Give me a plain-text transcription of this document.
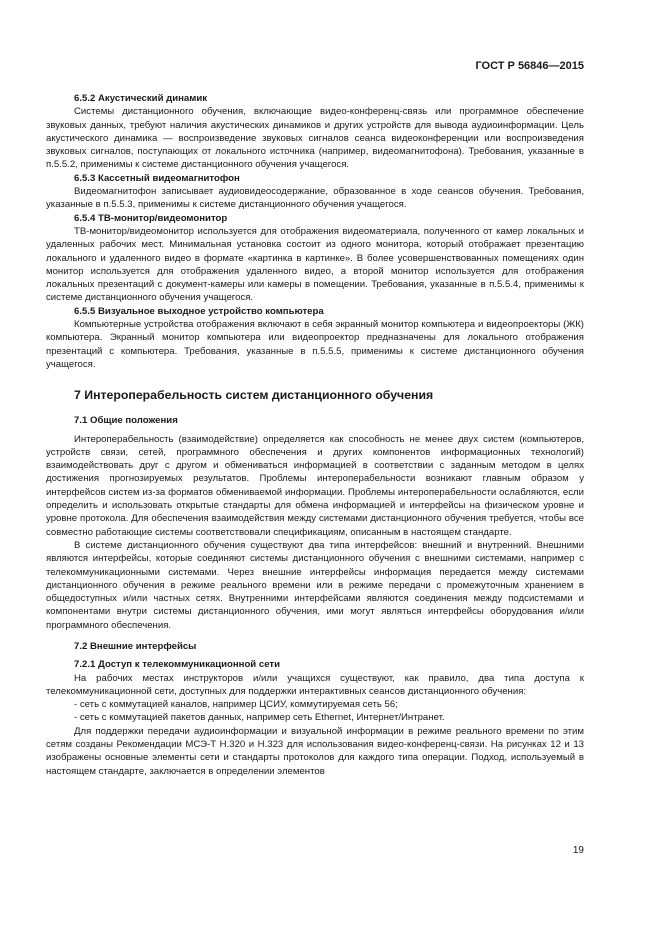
ГОСТ Р 56846—2015
6.5.2 Акустический динамик

Системы дистанционного обучения, включающие видео-конференц-связь или программное обеспечение звуковых данных, требуют наличия акустических динамиков и других устройств для вывода аудиоинформации. Цель акустического динамика — воспроизведение звуковых сигналов сеанса видеоконференции или воспроизведения звуковых сигналов, поступающих от локального источника (например, видеомагнитофона). Требования, указанные в п.5.5.2, применимы к системе дистанционного обучения учащегося.

6.5.3 Кассетный видеомагнитофон

Видеомагнитофон записывает аудиовидеосодержание, образованное в ходе сеансов обучения. Требования, указанные в п.5.5.3, применимы к системе дистанционного обучения учащегося.

6.5.4 ТВ-монитор/видеомонитор

ТВ-монитор/видеомонитор используется для отображения видеоматериала, полученного от камер локальных и удаленных рабочих мест. Минимальная установка состоит из одного монитора, который отображает презентацию локального и удаленного видео в формате «картинка в картинке». В более усовершенствованных помещениях один монитор используется для отображения удаленного видео, а второй монитор используется для отображения локальных презентаций с документ-камеры или камеры в помещении. Требования, указанные в п.5.5.4, применимы к системе дистанционного обучения учащегося.

6.5.5 Визуальное выходное устройство компьютера

Компьютерные устройства отображения включают в себя экранный монитор компьютера и видеопроекторы (ЖК) компьютера. Экранный монитор компьютера или видеопроектор предназначены для локального отображения презентаций с компьютера. Требования, указанные в п.5.5.5, применимы к системе дистанционного обучения учащегося.

7 Интероперабельность систем дистанционного обучения
7.1 Общие положения

Интероперабельность (взаимодействие) определяется как способность не менее двух систем (компьютеров, устройств связи, сетей, программного обеспечения и других компонентов информационных технологий) взаимодействовать друг с другом и обмениваться информацией в соответствии с заданным методом в целях достижения прогнозируемых результатов. Проблемы интероперабельности возникают главным образом у интерфейсов систем из-за форматов обмениваемой информации. Проблемы интероперабельности ослабляются, если определить и использовать открытые стандарты для обмена информацией и интерфейсы на физическом уровне и уровне протокола. Для обеспечения взаимодействия между системами дистанционного обучения требуется, чтобы все совместно работающие системы соответствовали спецификациям, описанным в настоящем стандарте.

В системе дистанционного обучения существуют два типа интерфейсов: внешний и внутренний. Внешними являются интерфейсы, которые соединяют системы дистанционного обучения с внешними системами, например с телекоммуникационными системами. Через внешние интерфейсы информация передается между системами дистанционного обучения в режиме реального времени или в режиме передачи с промежуточным хранением в общедоступных и/или частных сетях. Внутренними интерфейсами являются соединения между подсистемами и компонентами внутри системы дистанционного обучения, ими могут являться интерфейсы оборудования и/или программного обеспечения.

7.2 Внешние интерфейсы
7.2.1 Доступ к телекоммуникационной сети

На рабочих местах инструкторов и/или учащихся существуют, как правило, два типа доступа к телекоммуникационной сети, доступных для поддержки интерактивных сеансов дистанционного обучения:

- сеть с коммутацией каналов, например ЦСИУ, коммутируемая сеть 56;

- сеть с коммутацией пакетов данных, например сеть Ethernet, Интернет/Интранет.

Для поддержки передачи аудиоинформации и визуальной информации в режиме реального времени по этим сетям созданы Рекомендации МСЭ-Т Н.320 и Н.323 для использования видео-конференц-связи. На рисунках 12 и 13 изображены основные элементы сети и стандарты протоколов для каждого типа операции. Подход, используемый в настоящем стандарте, заключается в определении элементов

19
